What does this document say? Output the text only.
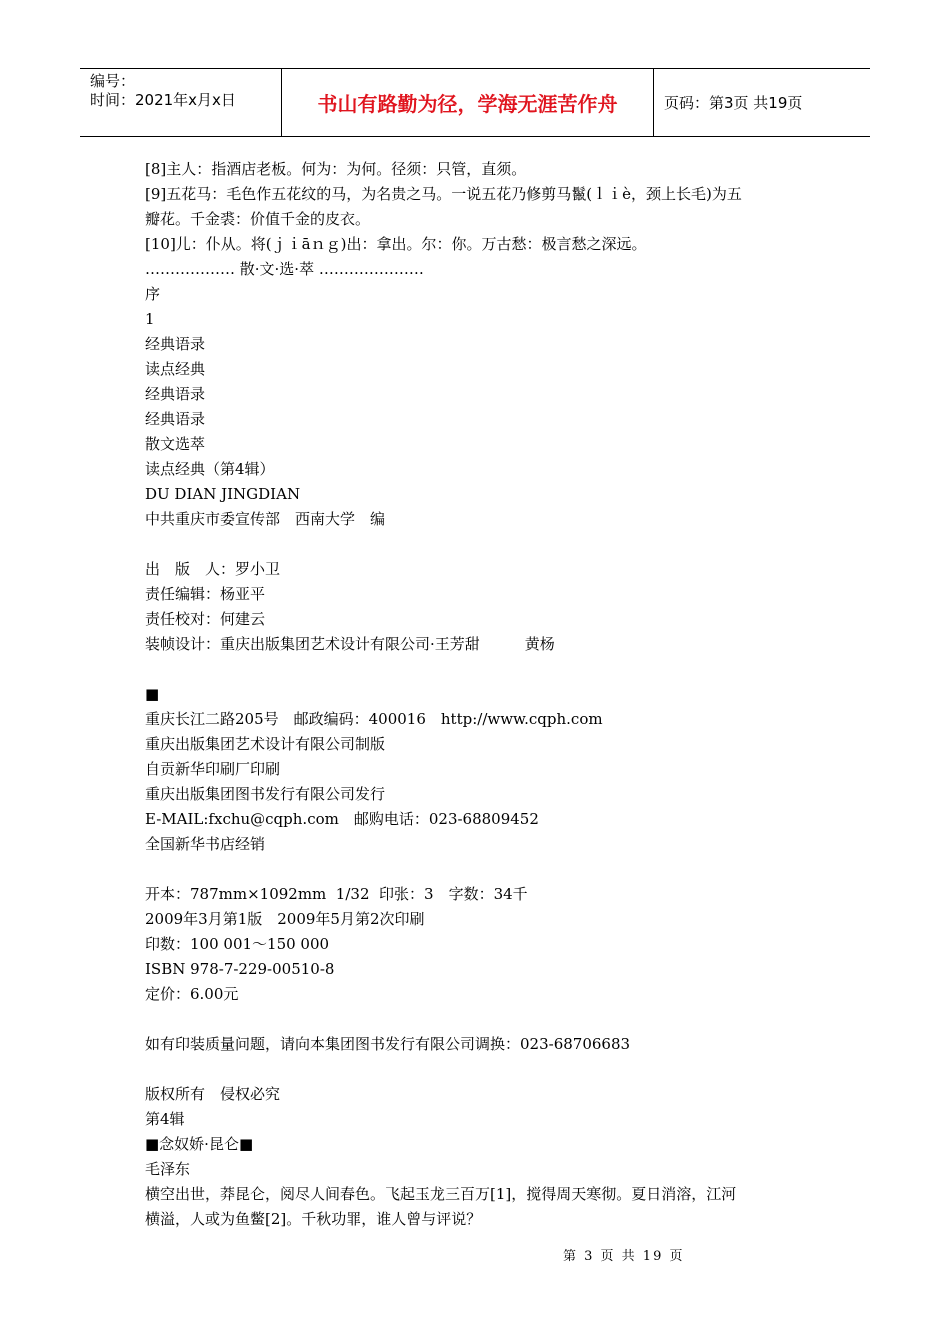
编号：
时间：2021年x月x日	书山有路勤为径，学海无涯苦作舟	页码：第3页 共19页
[8]主人：指酒店老板。何为：为何。径须：只管，直须。
[9]五花马：毛色作五花纹的马，为名贵之马。一说五花乃修剪马鬣(ｌｉè，颈上长毛)为五
瓣花。千金裘：价值千金的皮衣。
[10]儿：仆从。将(ｊｉāｎｇ)出：拿出。尔：你。万古愁：极言愁之深远。
……………… 散·文·选·萃 …………………
序
1
经典语录
读点经典
经典语录
经典语录
散文选萃
读点经典（第4辑）
DU DIAN JINGDIAN
中共重庆市委宣传部　西南大学　编
出　版　人：罗小卫
责任编辑：杨亚平
责任校对：何建云
装帧设计：重庆出版集团艺术设计有限公司·王芳甜　　　黄杨
■
重庆长江二路205号　邮政编码：400016　http://www.cqph.com
重庆出版集团艺术设计有限公司制版
自贡新华印刷厂印刷
重庆出版集团图书发行有限公司发行
E-MAIL:fxchu@cqph.com　邮购电话：023-68809452
全国新华书店经销
开本：787mm×1092mm  1/32  印张：3　字数：34千
2009年3月第1版　2009年5月第2次印刷
印数：100 001～150 000
ISBN 978-7-229-00510-8
定价：6.00元
如有印装质量问题，请向本集团图书发行有限公司调换：023-68706683
版权所有　侵权必究
第4辑
■念奴娇·昆仑■
毛泽东
横空出世，莽昆仑，阅尽人间春色。飞起玉龙三百万[1]，搅得周天寒彻。夏日消溶，江河
横溢，人或为鱼鳖[2]。千秋功罪，谁人曾与评说？
第 3 页 共 19 页
